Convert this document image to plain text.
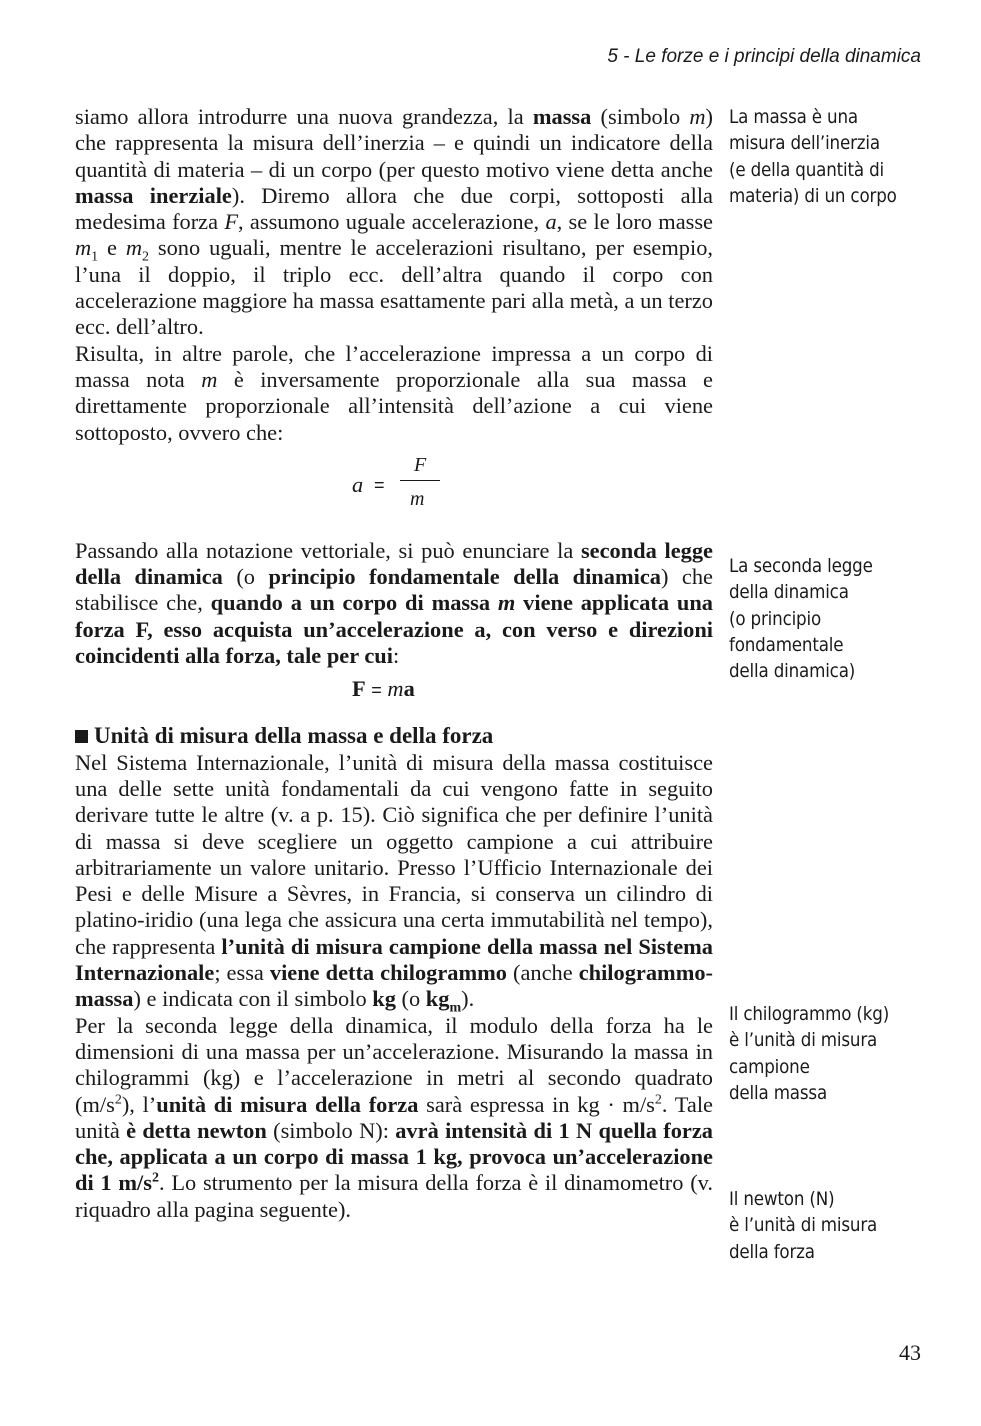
5 - Le forze e i principi della dinamica

siamo allora introdurre una nuova grandezza, la massa (simbolo m) che rappresenta la misura dell’inerzia – e quindi un indicatore della quantità di materia – di un corpo (per questo motivo viene detta anche massa inerziale). Diremo allora che due corpi, sottoposti alla medesima forza F, assumono uguale accelerazione, a, se le loro masse $m_1$ e $m_2$ sono uguali, mentre le accelerazioni risultano, per esempio, l’una il doppio, il triplo ecc. dell’altra quando il corpo con accelerazione maggiore ha massa esattamente pari alla metà, a un terzo ecc. dell’altro.

Risulta, in altre parole, che l’accelerazione impressa a un corpo di massa nota m è inversamente proporzionale alla sua massa e direttamente proporzionale all’intensità dell’azione a cui viene sottoposto, ovvero che:

a =
F
m

Passando alla notazione vettoriale, si può enunciare la seconda legge della dinamica (o principio fondamentale della dinamica) che stabilisce che, quando a un corpo di massa m viene applicata una forza F, esso acquista un’accelerazione a, con verso e direzioni coincidenti alla forza, tale per cui:

F = ma
Unità di misura della massa e della forza

Nel Sistema Internazionale, l’unità di misura della massa costituisce una delle sette unità fondamentali da cui vengono fatte in seguito derivare tutte le altre (v. a p. 15). Ciò significa che per definire l’unità di massa si deve scegliere un oggetto campione a cui attribuire arbitrariamente un valore unitario. Presso l’Ufficio Internazionale dei Pesi e delle Misure a Sèvres, in Francia, si conserva un cilindro di platino-iridio (una lega che assicura una certa immutabilità nel tempo), che rappresenta l’unità di misura campione della massa nel Sistema Internazionale; essa viene detta chilogrammo (anche chilogrammo-massa) e indicata con il simbolo kg (o $kg_m$).

Per la seconda legge della dinamica, il modulo della forza ha le dimensioni di una massa per un’accelerazione. Misurando la massa in chilogrammi (kg) e l’accelerazione in metri al secondo quadrato $(m/s^2)$, l’unità di misura della forza sarà espressa in kg · $m/s^2$. Tale unità è detta newton (simbolo N): avrà intensità di 1 N quella forza che, applicata a un corpo di massa 1 kg, provoca un’accelerazione di 1 $m/s^2$. Lo strumento per la misura della forza è il dinamometro (v. riquadro alla pagina seguente).

La massa è una
misura dell’inerzia
(e della quantità di
materia) di un corpo
La seconda legge
della dinamica
(o principio
fondamentale
della dinamica)
Il chilogrammo (kg)
è l’unità di misura
campione
della massa
Il newton (N)
è l’unità di misura
della forza
43
